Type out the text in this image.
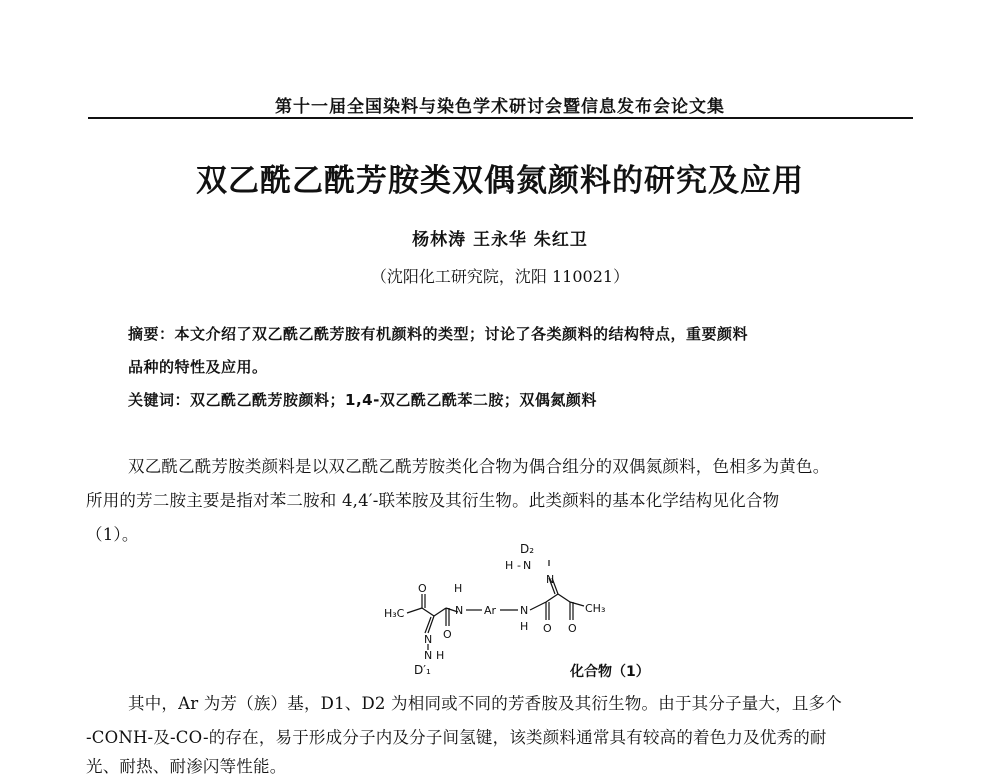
第十一届全国染料与染色学术研讨会暨信息发布会论文集
双乙酰乙酰芳胺类双偶氮颜料的研究及应用
杨林涛 王永华 朱红卫
（沈阳化工研究院，沈阳 110021）
摘要：本文介绍了双乙酰乙酰芳胺有机颜料的类型；讨论了各类颜料的结构特点，重要颜料
品种的特性及应用。
关键词：双乙酰乙酰芳胺颜料；1,4-双乙酰乙酰苯二胺；双偶氮颜料
双乙酰乙酰芳胺类颜料是以双乙酰乙酰芳胺类化合物为偶合组分的双偶氮颜料，色相多为黄色。
所用的芳二胺主要是指对苯二胺和 4,4′-联苯胺及其衍生物。此类颜料的基本化学结构见化合物
（1）。
D₂
H - N
N
H₃C
O H
N Ar N
H O O
CH₃
O
N
N H
D′₁	化合物（1）
其中，Ar 为芳（族）基，D1、D2 为相同或不同的芳香胺及其衍生物。由于其分子量大，且多个
-CONH-及-CO-的存在，易于形成分子内及分子间氢键，该类颜料通常具有较高的着色力及优秀的耐
光、耐热、耐渗闪等性能。
